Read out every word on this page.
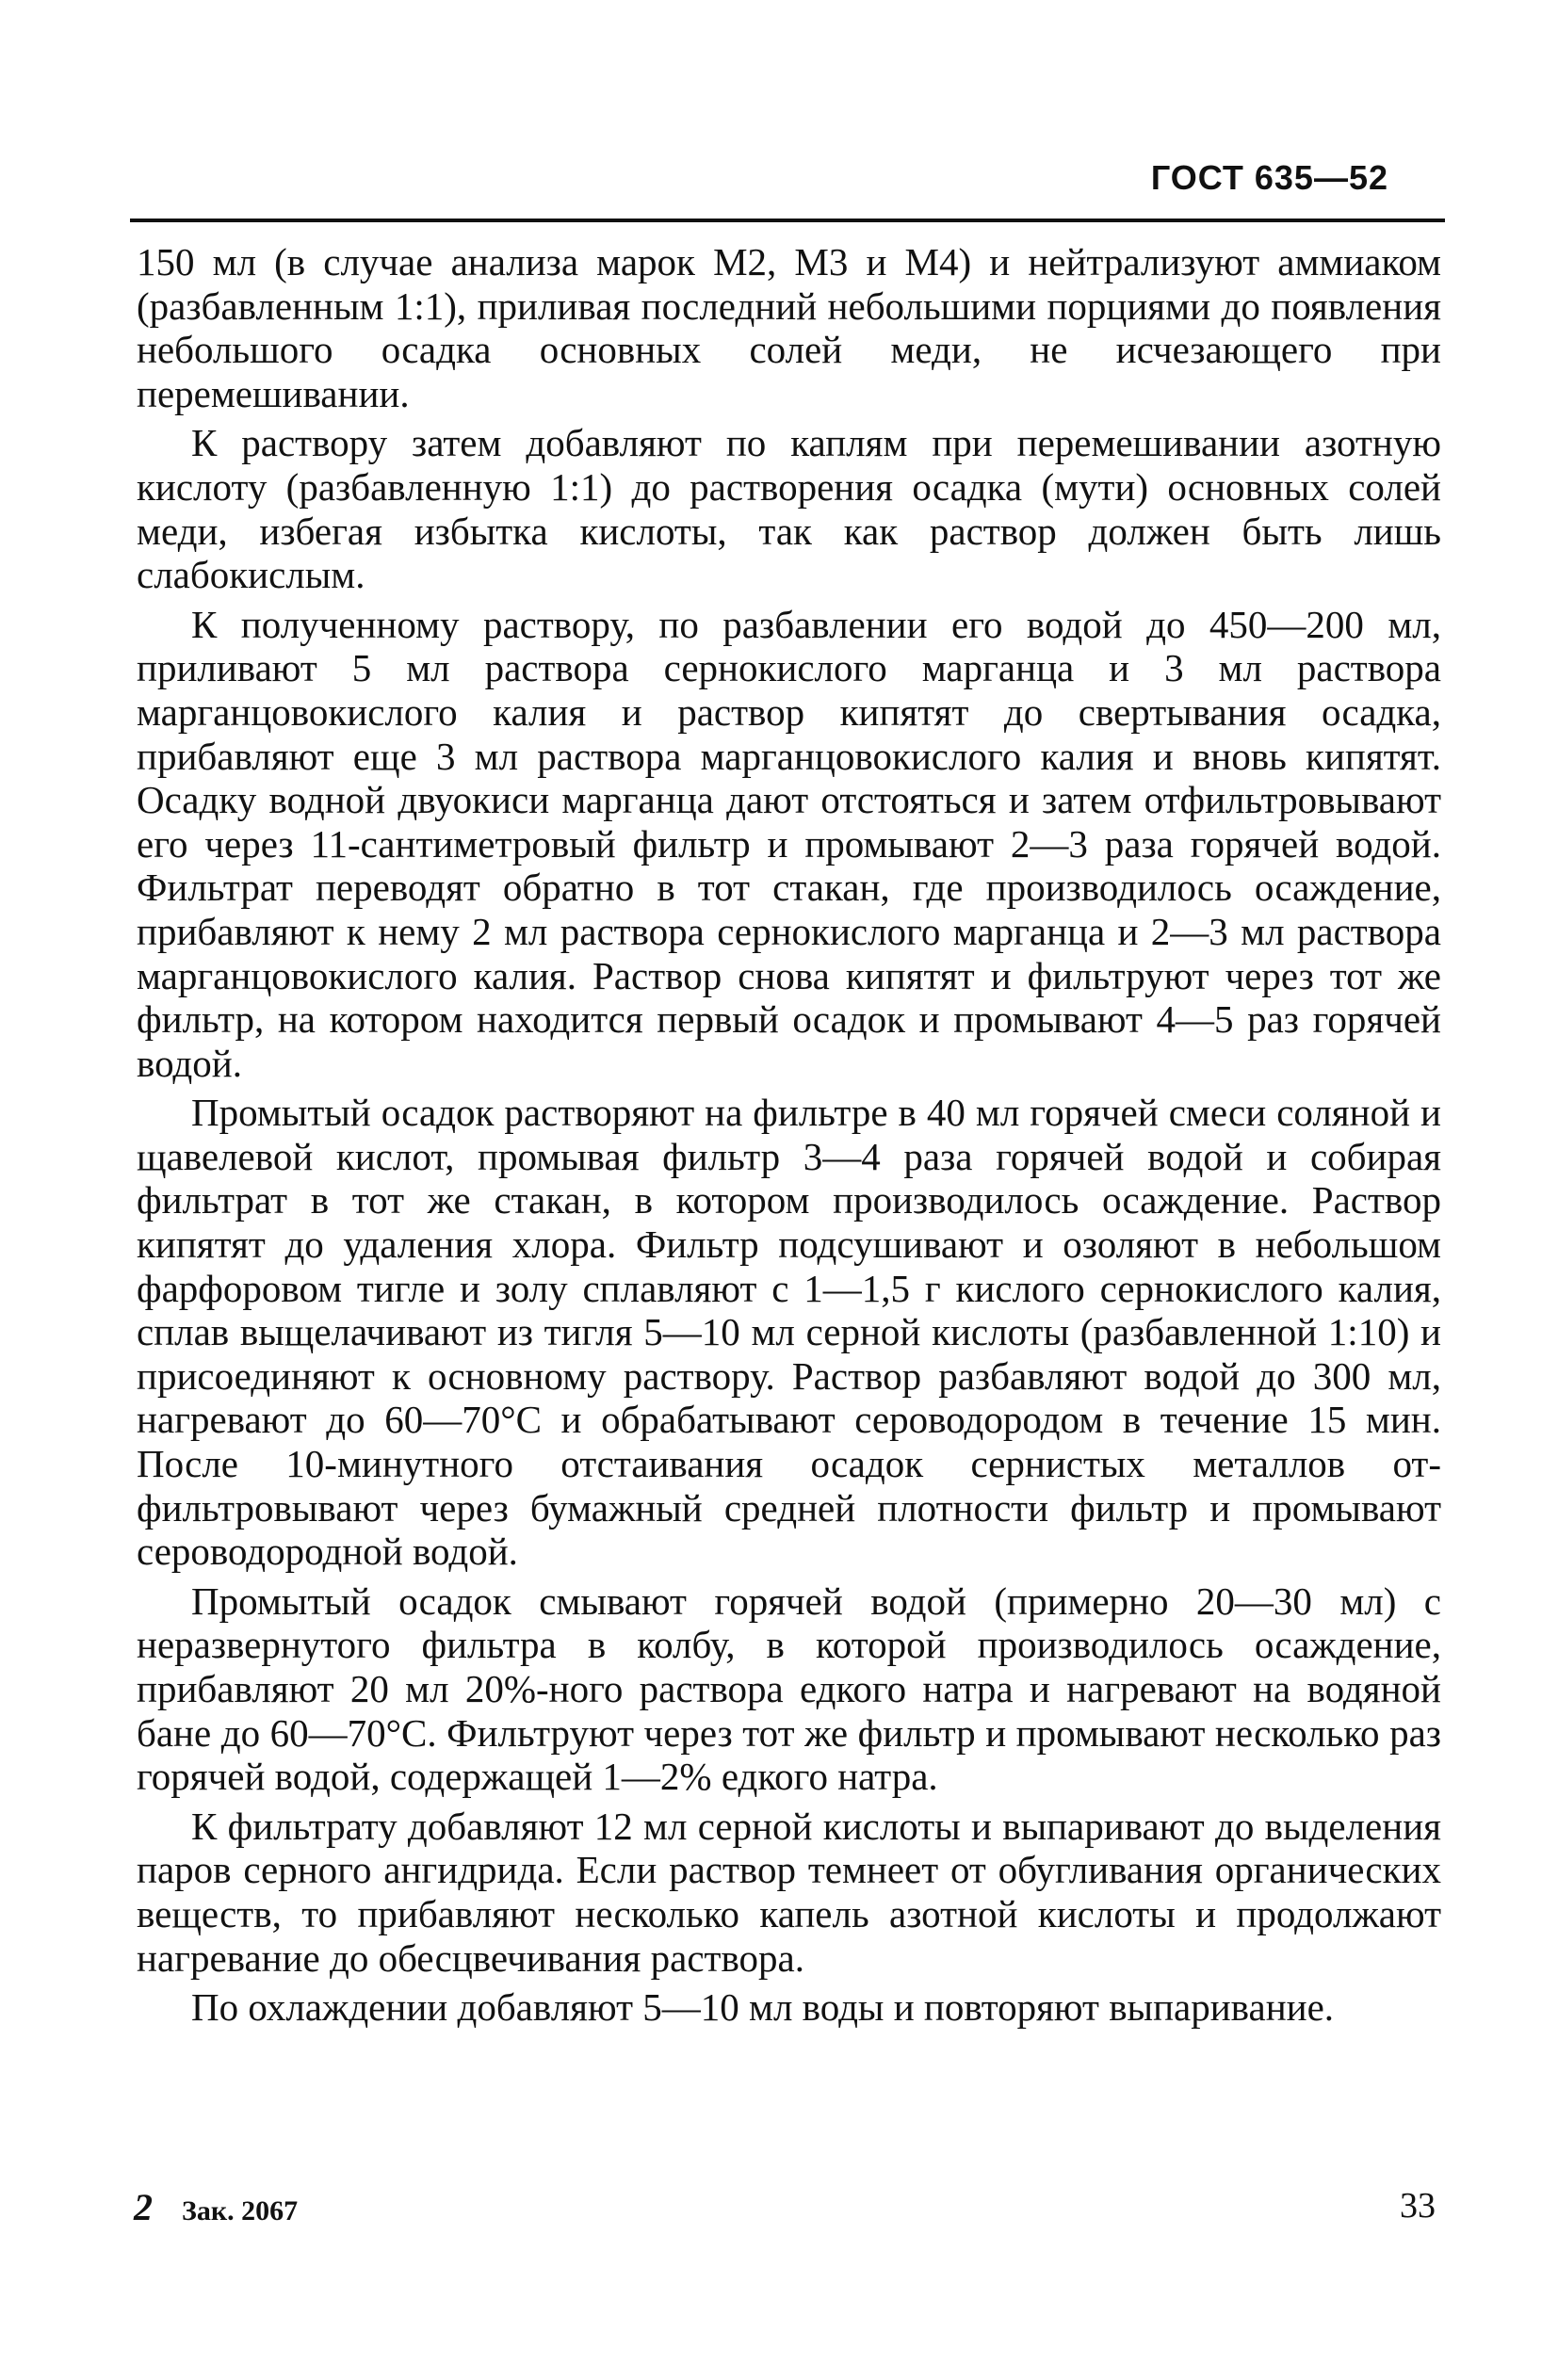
ГОСТ 635—52

150 мл (в случае анализа марок М2, М3 и М4) и нейтрализуют аммиаком (разбавленным 1:1), приливая последний небольшими порциями до появления небольшого осадка основных солей меди, не исчезающего при перемешивании.

К раствору затем добавляют по каплям при перемешивании азотную кислоту (разбавленную 1:1) до растворения осадка (мути) основных солей меди, избегая избытка кислоты, так как раствор должен быть лишь слабокислым.

К полученному раствору, по разбавлении его водой до 450—200 мл, приливают 5 мл раствора сернокислого марганца и 3 мл раствора марганцовокислого калия и раствор кипятят до свертывания осадка, прибавляют еще 3 мл раствора марганцовокислого калия и вновь кипятят. Осадку водной двуокиси марганца дают отстояться и затем отфильтровывают его через 11-сантиметровый фильтр и промывают 2—3 раза горячей водой. Фильтрат переводят обратно в тот стакан, где производилось осаждение, прибавляют к нему 2 мл раствора сернокислого марганца и 2—3 мл раствора марганцовокислого калия. Раствор снова кипятят и фильтруют через тот же фильтр, на котором находится первый осадок и промывают 4—5 раз горячей водой.

Промытый осадок растворяют на фильтре в 40 мл горячей смеси соляной и щавелевой кислот, промывая фильтр 3—4 раза горячей водой и собирая фильтрат в тот же стакан, в котором производилось осаждение. Раствор кипятят до удаления хлора. Фильтр подсушивают и озоляют в небольшом фарфоровом тигле и золу сплавляют с 1—1,5 г кислого сернокислого калия, сплав выщелачивают из тигля 5—10 мл серной кислоты (разбавленной 1:10) и присоединяют к основному раствору. Раствор разбавляют водой до 300 мл, нагревают до 60—70°С и обрабатывают сероводородом в течение 15 мин. После 10-минутного отстаивания осадок сернистых металлов отфильтровывают через бумажный средней плотности фильтр и промывают сероводородной водой.

Промытый осадок смывают горячей водой (примерно 20—30 мл) с неразвернутого фильтра в колбу, в которой производилось осаждение, прибавляют 20 мл 20%-ного раствора едкого натра и нагревают на водяной бане до 60—70°С. Фильтруют через тот же фильтр и промывают несколько раз горячей водой, содержащей 1—2% едкого натра.

К фильтрату добавляют 12 мл серной кислоты и выпаривают до выделения паров серного ангидрида. Если раствор темнеет от обугливания органических веществ, то прибавляют несколько капель азотной кислоты и продолжают нагревание до обесцвечивания раствора.

По охлаждении добавляют 5—10 мл воды и повторяют выпаривание.

2 Зак. 2067	33
